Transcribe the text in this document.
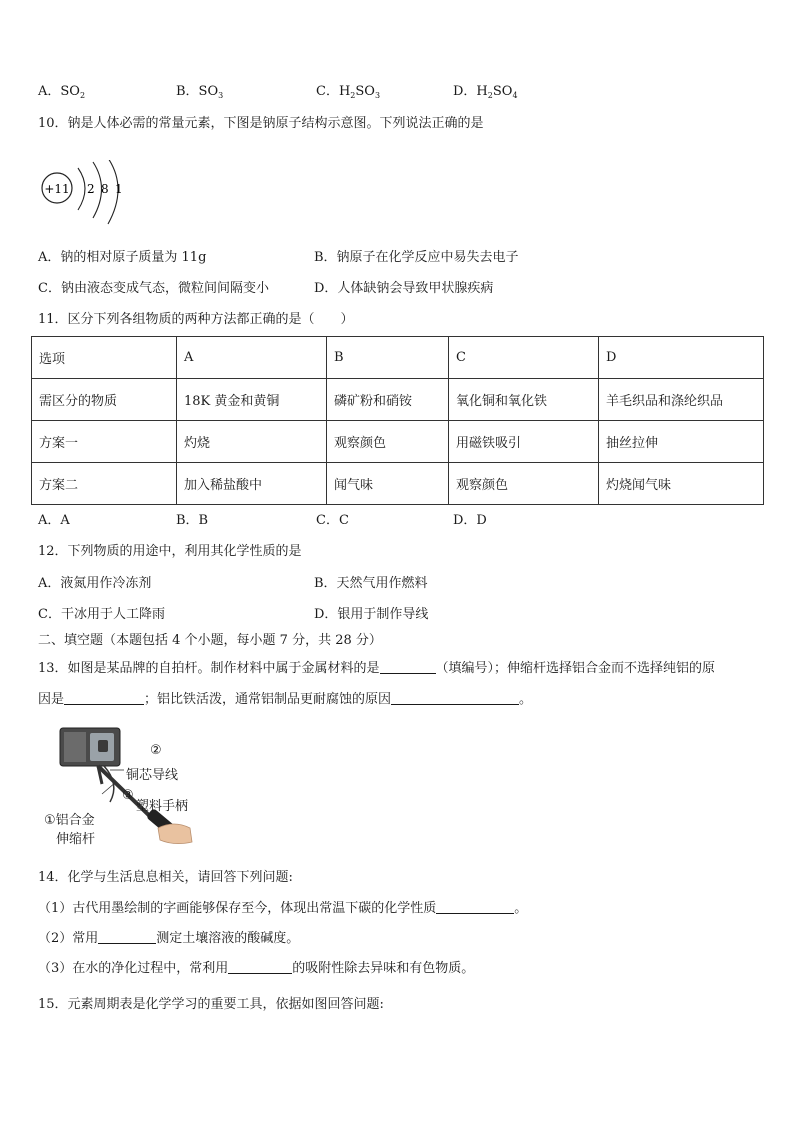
A．$SO_2$	B．$SO_3$	C．$H_2SO_3$	D．$H_2SO_4$
10．钠是人体必需的常量元素，下图是钠原子结构示意图。下列说法正确的是
+11 2 8 1
A．钠的相对原子质量为 11g	B．钠原子在化学反应中易失去电子
C．钠由液态变成气态，微粒间间隔变小	D．人体缺钠会导致甲状腺疾病
11．区分下列各组物质的两种方法都正确的是（　　）
选项	A	B	C	D
需区分的物质	18K 黄金和黄铜	磷矿粉和硝铵	氧化铜和氧化铁	羊毛织品和涤纶织品
方案一	灼烧	观察颜色	用磁铁吸引	抽丝拉伸
方案二	加入稀盐酸中	闻气味	观察颜色	灼烧闻气味
A．A	B．B	C．C	D．D
12．下列物质的用途中，利用其化学性质的是
A．液氮用作冷冻剂	B．天然气用作燃料
C．干冰用于人工降雨	D．银用于制作导线
二、填空题（本题包括 4 个小题，每小题 7 分，共 28 分）
13．如图是某品牌的自拍杆。制作材料中属于金属材料的是	（填编号）；伸缩杆选择铝合金而不选择纯铝的原
因是	；铝比铁活泼，通常铝制品更耐腐蚀的原因	。
②
铜芯导线
③
塑料手柄
①铝合金
伸缩杆
14．化学与生活息息相关，请回答下列问题:
（1）古代用墨绘制的字画能够保存至今，体现出常温下碳的化学性质	。
（2）常用	测定土壤溶液的酸碱度。
（3）在水的净化过程中，常利用	的吸附性除去异味和有色物质。
15．元素周期表是化学学习的重要工具，依据如图回答问题:
